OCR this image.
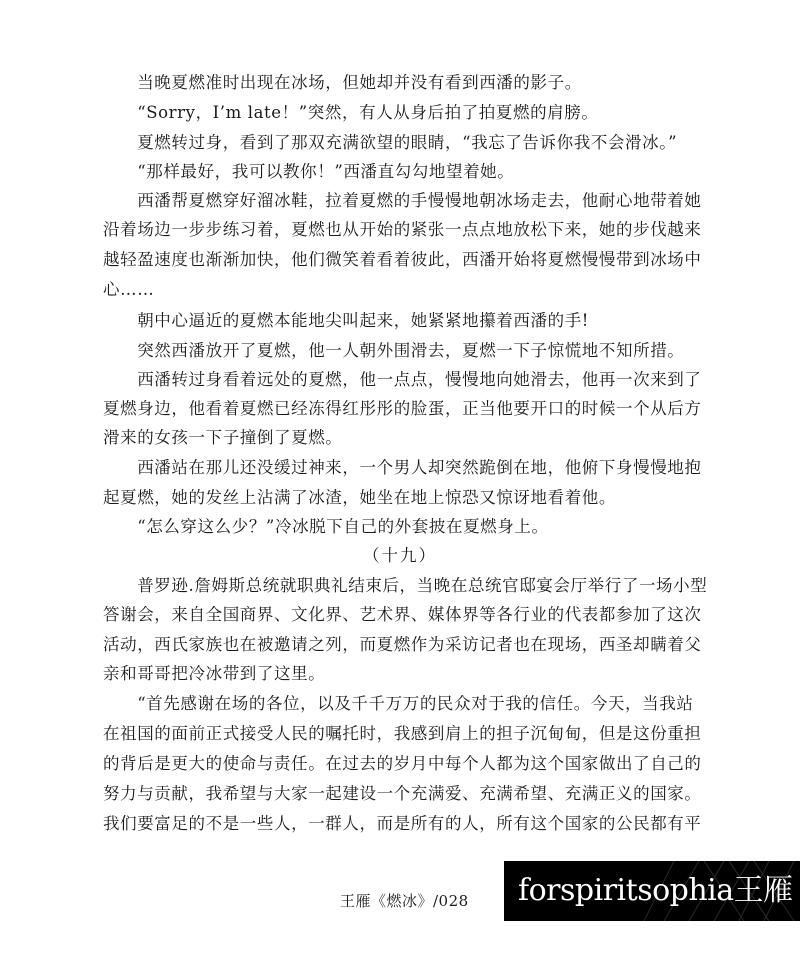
　　当晚夏燃准时出现在冰场，但她却并没有看到西潘的影子。
　　“Sorry，I’m late！”突然，有人从身后拍了拍夏燃的肩膀。
　　夏燃转过身，看到了那双充满欲望的眼睛，“我忘了告诉你我不会滑冰。”
　　“那样最好，我可以教你！”西潘直勾勾地望着她。
　　西潘帮夏燃穿好溜冰鞋，拉着夏燃的手慢慢地朝冰场走去，他耐心地带着她
沿着场边一步步练习着，夏燃也从开始的紧张一点点地放松下来，她的步伐越来
越轻盈速度也渐渐加快，他们微笑着看着彼此，西潘开始将夏燃慢慢带到冰场中
心……
　　朝中心逼近的夏燃本能地尖叫起来，她紧紧地攥着西潘的手!
　　突然西潘放开了夏燃，他一人朝外围滑去，夏燃一下子惊慌地不知所措。
　　西潘转过身看着远处的夏燃，他一点点，慢慢地向她滑去，他再一次来到了
夏燃身边，他看着夏燃已经冻得红彤彤的脸蛋，正当他要开口的时候一个从后方
滑来的女孩一下子撞倒了夏燃。
　　西潘站在那儿还没缓过神来，一个男人却突然跪倒在地，他俯下身慢慢地抱
起夏燃，她的发丝上沾满了冰渣，她坐在地上惊恐又惊讶地看着他。
　　“怎么穿这么少？”冷冰脱下自己的外套披在夏燃身上。
（十九）
　　普罗逊.詹姆斯总统就职典礼结束后，当晚在总统官邸宴会厅举行了一场小型
答谢会，来自全国商界、文化界、艺术界、媒体界等各行业的代表都参加了这次
活动，西氏家族也在被邀请之列，而夏燃作为采访记者也在现场，西圣却瞒着父
亲和哥哥把冷冰带到了这里。
　　“首先感谢在场的各位，以及千千万万的民众对于我的信任。今天，当我站
在祖国的面前正式接受人民的嘱托时，我感到肩上的担子沉甸甸，但是这份重担
的背后是更大的使命与责任。在过去的岁月中每个人都为这个国家做出了自己的
努力与贡献，我希望与大家一起建设一个充满爱、充满希望、充满正义的国家。
我们要富足的不是一些人，一群人，而是所有的人，所有这个国家的公民都有平
王雁《燃冰》/028 forspiritsophia王雁
